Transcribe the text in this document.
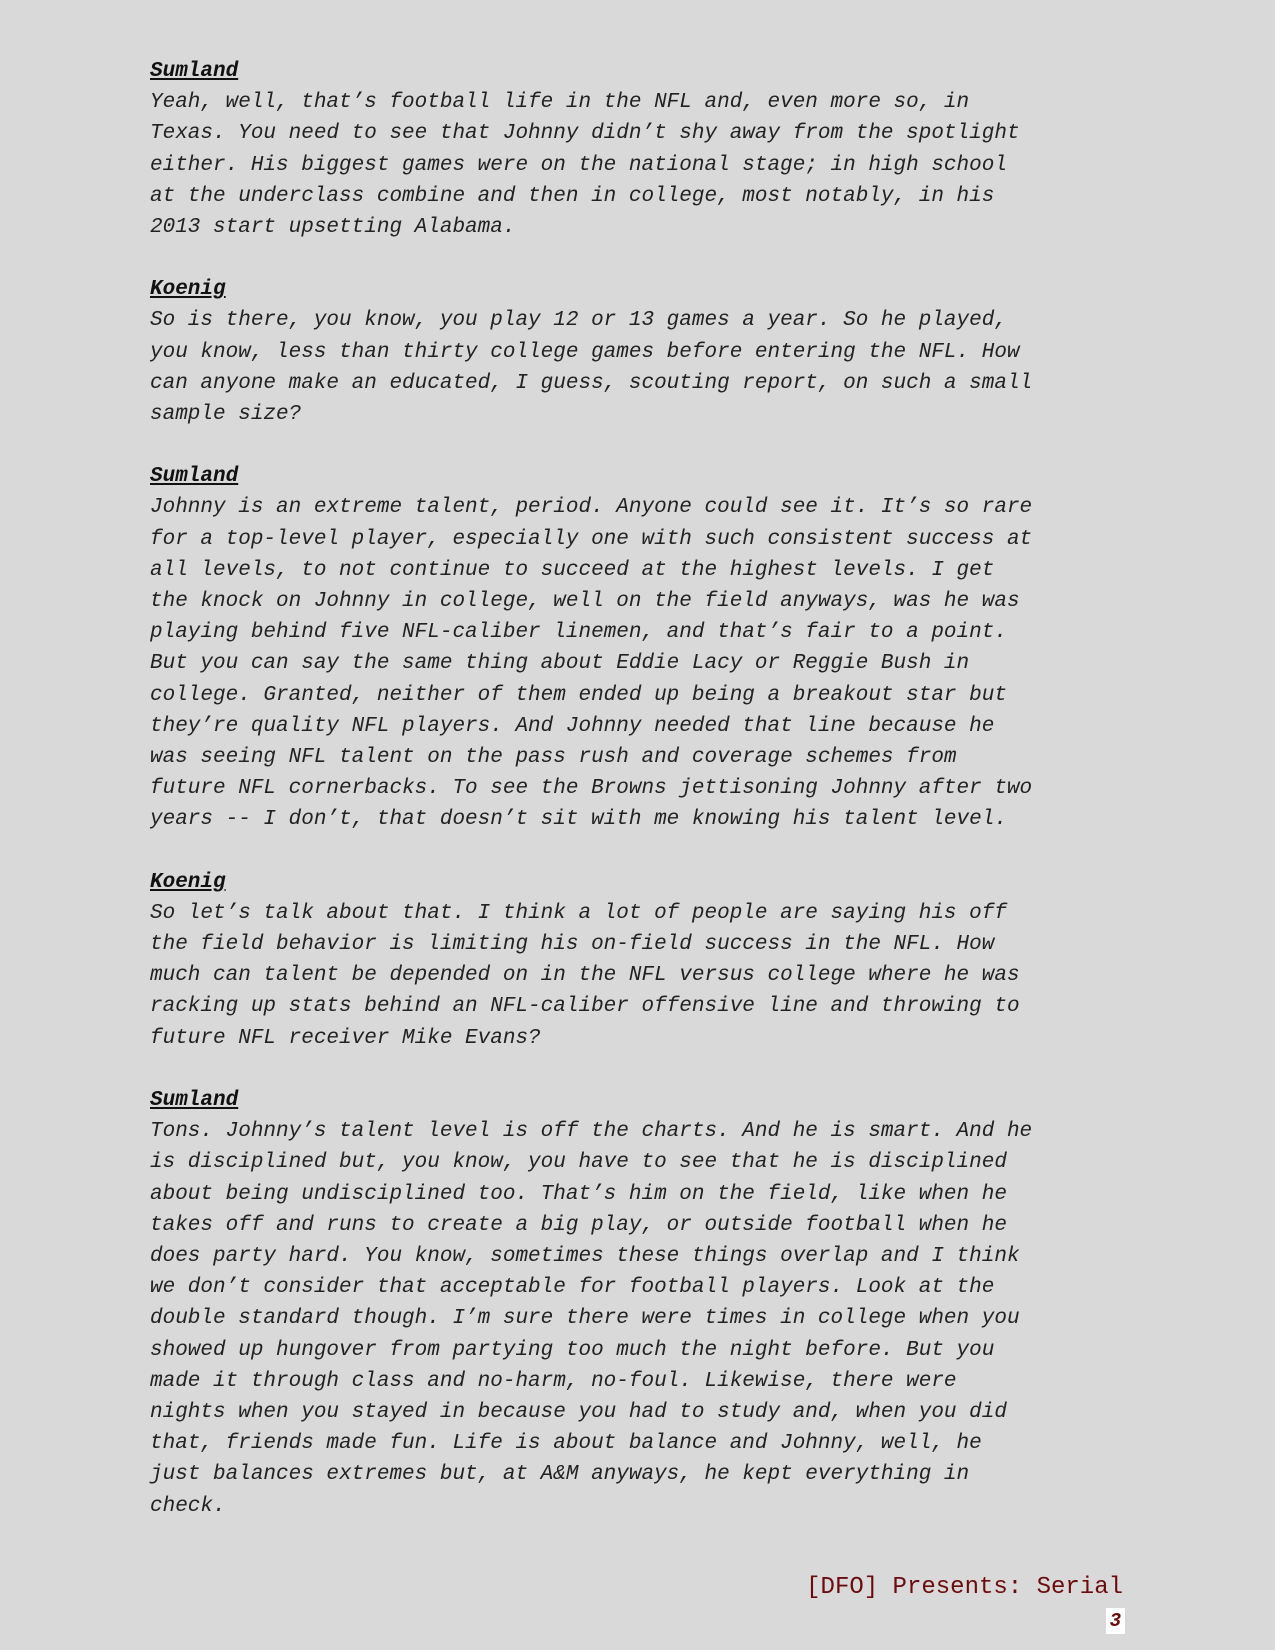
Sumland

Yeah, well, that’s football life in the NFL and, even more so, in
Texas. You need to see that Johnny didn’t shy away from the spotlight
either. His biggest games were on the national stage; in high school
at the underclass combine and then in college, most notably, in his
2013 start upsetting Alabama.

Koenig

So is there, you know, you play 12 or 13 games a year. So he played,
you know, less than thirty college games before entering the NFL. How
can anyone make an educated, I guess, scouting report, on such a small
sample size?

Sumland

Johnny is an extreme talent, period. Anyone could see it. It’s so rare
for a top-level player, especially one with such consistent success at
all levels, to not continue to succeed at the highest levels. I get
the knock on Johnny in college, well on the field anyways, was he was
playing behind five NFL-caliber linemen, and that’s fair to a point.
But you can say the same thing about Eddie Lacy or Reggie Bush in
college. Granted, neither of them ended up being a breakout star but
they’re quality NFL players. And Johnny needed that line because he
was seeing NFL talent on the pass rush and coverage schemes from
future NFL cornerbacks. To see the Browns jettisoning Johnny after two
years -- I don’t, that doesn’t sit with me knowing his talent level.

Koenig

So let’s talk about that. I think a lot of people are saying his off
the field behavior is limiting his on-field success in the NFL. How
much can talent be depended on in the NFL versus college where he was
racking up stats behind an NFL-caliber offensive line and throwing to
future NFL receiver Mike Evans?

Sumland

Tons. Johnny’s talent level is off the charts. And he is smart. And he
is disciplined but, you know, you have to see that he is disciplined
about being undisciplined too. That’s him on the field, like when he
takes off and runs to create a big play, or outside football when he
does party hard. You know, sometimes these things overlap and I think
we don’t consider that acceptable for football players. Look at the
double standard though. I’m sure there were times in college when you
showed up hungover from partying too much the night before. But you
made it through class and no-harm, no-foul. Likewise, there were
nights when you stayed in because you had to study and, when you did
that, friends made fun. Life is about balance and Johnny, well, he
just balances extremes but, at A&M anyways, he kept everything in
check.

[DFO] Presents: Serial
3
